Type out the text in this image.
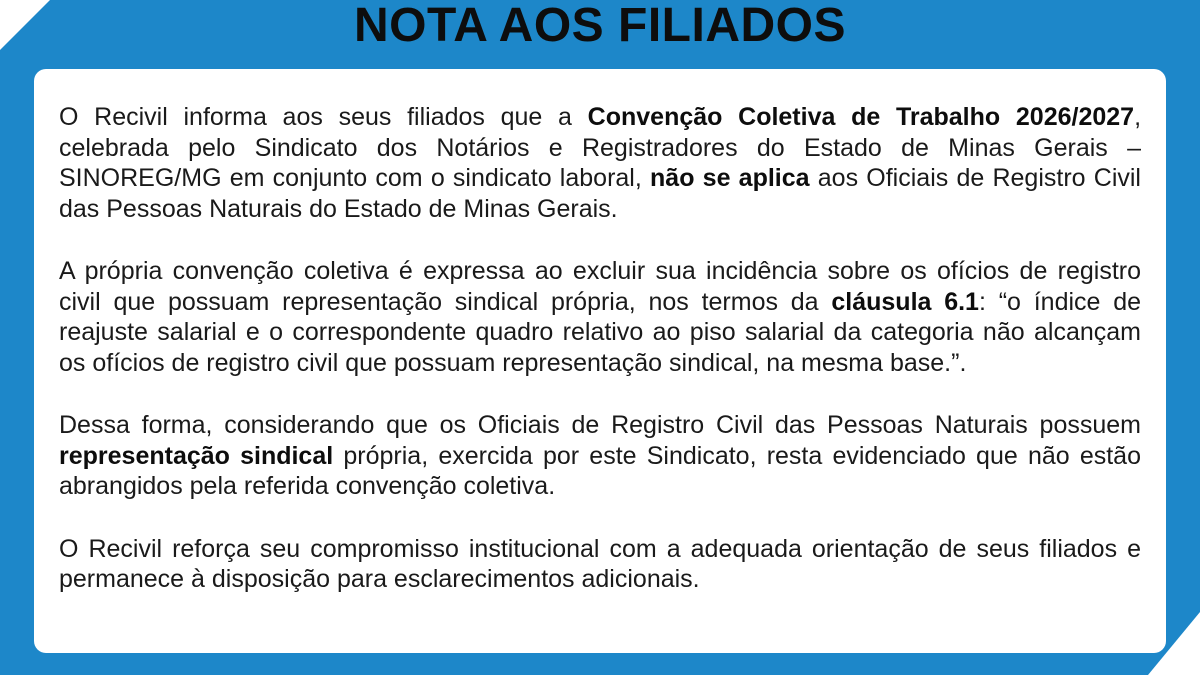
NOTA AOS FILIADOS

O Recivil informa aos seus filiados que a Convenção Coletiva de Trabalho 2026/2027, celebrada pelo Sindicato dos Notários e Registradores do Estado de Minas Gerais – SINOREG/MG em conjunto com o sindicato laboral, não se aplica aos Oficiais de Registro Civil das Pessoas Naturais do Estado de Minas Gerais.

A própria convenção coletiva é expressa ao excluir sua incidência sobre os ofícios de registro civil que possuam representação sindical própria, nos termos da cláusula 6.1: “o índice de reajuste salarial e o correspondente quadro relativo ao piso salarial da categoria não alcançam os ofícios de registro civil que possuam representação sindical, na mesma base.”.

Dessa forma, considerando que os Oficiais de Registro Civil das Pessoas Naturais possuem representação sindical própria, exercida por este Sindicato, resta evidenciado que não estão abrangidos pela referida convenção coletiva.

O Recivil reforça seu compromisso institucional com a adequada orientação de seus filiados e permanece à disposição para esclarecimentos adicionais.
